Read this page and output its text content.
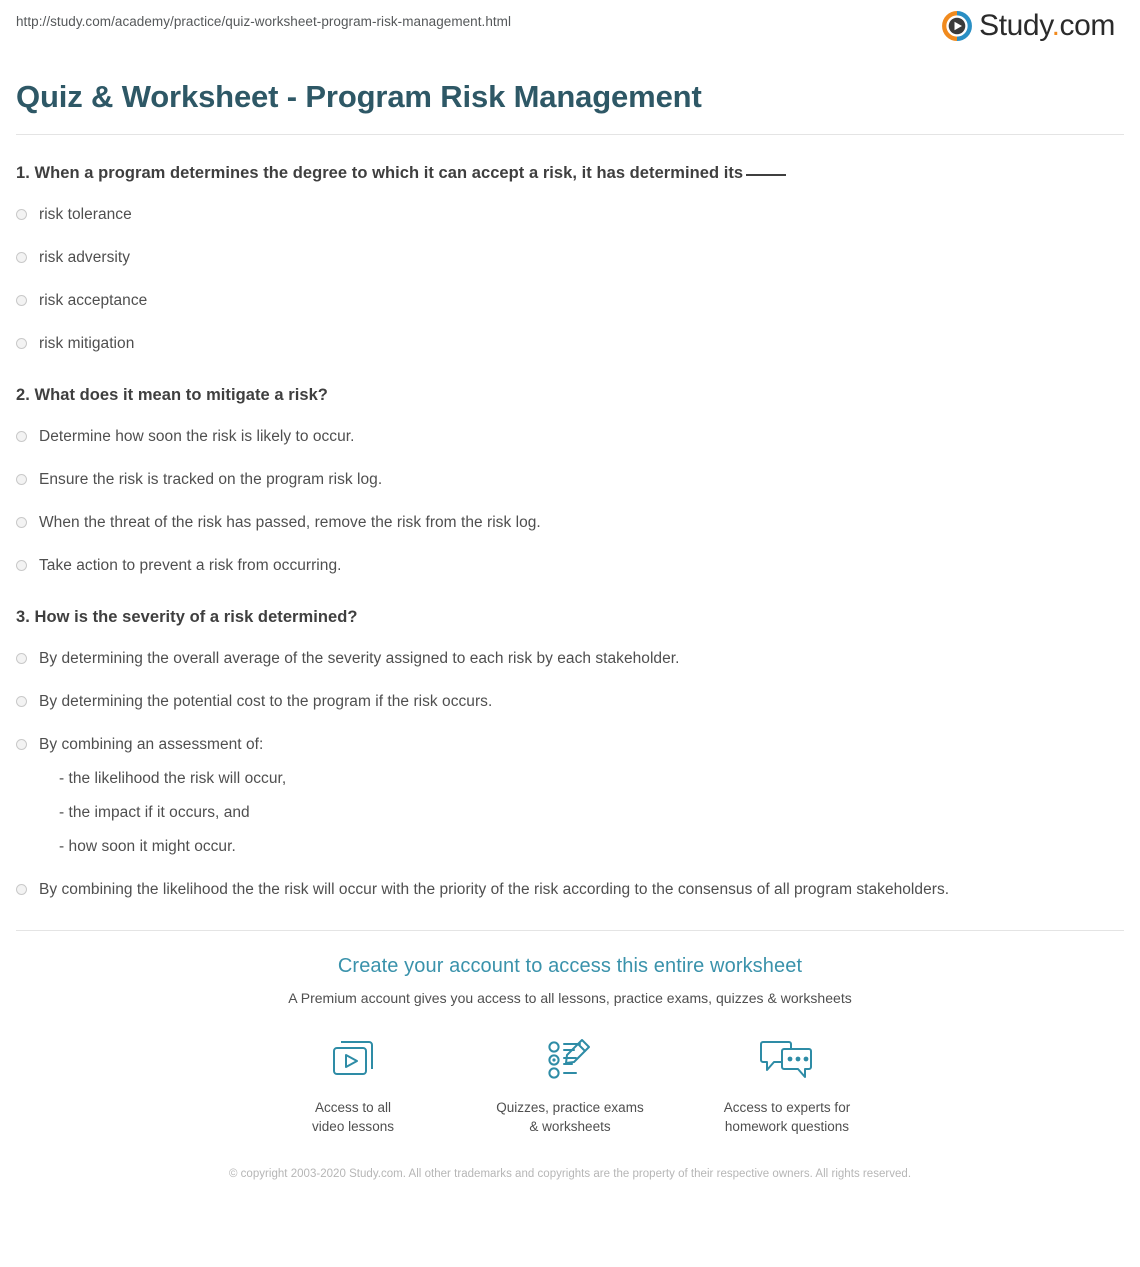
http://study.com/academy/practice/quiz-worksheet-program-risk-management.html	Study.com
Quiz & Worksheet - Program Risk Management

1. When a program determines the degree to which it can accept a risk, it has determined its

risk tolerance
risk adversity
risk acceptance
risk mitigation

2. What does it mean to mitigate a risk?

Determine how soon the risk is likely to occur.
Ensure the risk is tracked on the program risk log.
When the threat of the risk has passed, remove the risk from the risk log.
Take action to prevent a risk from occurring.

3. How is the severity of a risk determined?

By determining the overall average of the severity assigned to each risk by each stakeholder.
By determining the potential cost to the program if the risk occurs.
By combining an assessment of:
- the likelihood the risk will occur,
- the impact if it occurs, and
- how soon it might occur.
By combining the likelihood the the risk will occur with the priority of the risk according to the consensus of all program stakeholders.

Create your account to access this entire worksheet

A Premium account gives you access to all lessons, practice exams, quizzes & worksheets

Access to all
video lessons
Quizzes, practice exams
& worksheets
Access to experts for
homework questions
© copyright 2003-2020 Study.com. All other trademarks and copyrights are the property of their respective owners. All rights reserved.
